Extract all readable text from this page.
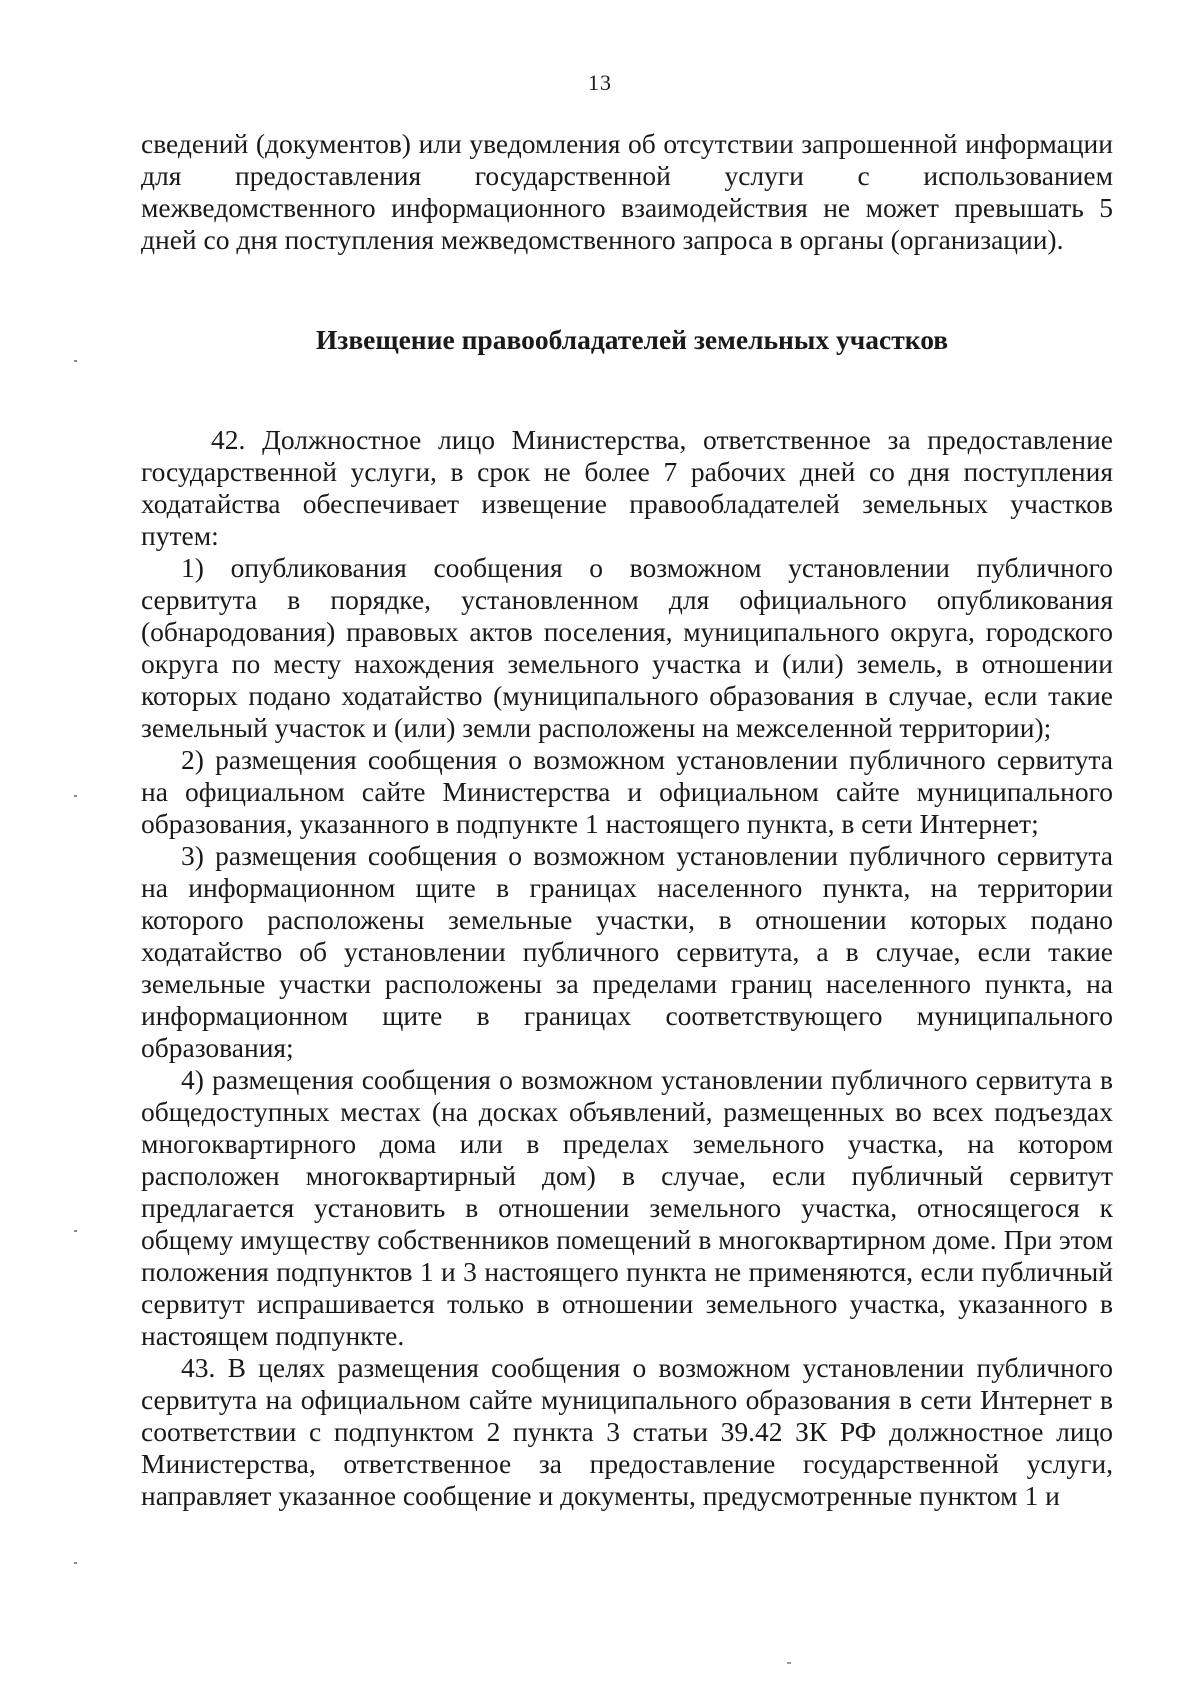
13

сведений (документов) или уведомления об отсутствии запрошенной информации для предоставления государственной услуги с использованием межведомственного информационного взаимодействия не может превышать 5 дней со дня поступления межведомственного запроса в органы (организации).

Извещение правообладателей земельных участков

42. Должностное лицо Министерства, ответственное за предоставление государственной услуги, в срок не более 7 рабочих дней со дня поступления ходатайства обеспечивает извещение правообладателей земельных участков путем:

1) опубликования сообщения о возможном установлении публичного сервитута в порядке, установленном для официального опубликования (обнародования) правовых актов поселения, муниципального округа, городского округа по месту нахождения земельного участка и (или) земель, в отношении которых подано ходатайство (муниципального образования в случае, если такие земельный участок и (или) земли расположены на межселенной территории);

2) размещения сообщения о возможном установлении публичного сервитута на официальном сайте Министерства и официальном сайте муниципального образования, указанного в подпункте 1 настоящего пункта, в сети Интернет;

3) размещения сообщения о возможном установлении публичного сервитута на информационном щите в границах населенного пункта, на территории которого расположены земельные участки, в отношении которых подано ходатайство об установлении публичного сервитута, а в случае, если такие земельные участки расположены за пределами границ населенного пункта, на информационном щите в границах соответствующего муниципального образования;

4) размещения сообщения о возможном установлении публичного сервитута в общедоступных местах (на досках объявлений, размещенных во всех подъездах многоквартирного дома или в пределах земельного участка, на котором расположен многоквартирный дом) в случае, если публичный сервитут предлагается установить в отношении земельного участка, относящегося к общему имуществу собственников помещений в многоквартирном доме. При этом положения подпунктов 1 и 3 настоящего пункта не применяются, если публичный сервитут испрашивается только в отношении земельного участка, указанного в настоящем подпункте.

43. В целях размещения сообщения о возможном установлении публичного сервитута на официальном сайте муниципального образования в сети Интернет в соответствии с подпунктом 2 пункта 3 статьи 39.42 ЗК РФ должностное лицо Министерства, ответственное за предоставление государственной услуги, направляет указанное сообщение и документы, предусмотренные пунктом 1 и
